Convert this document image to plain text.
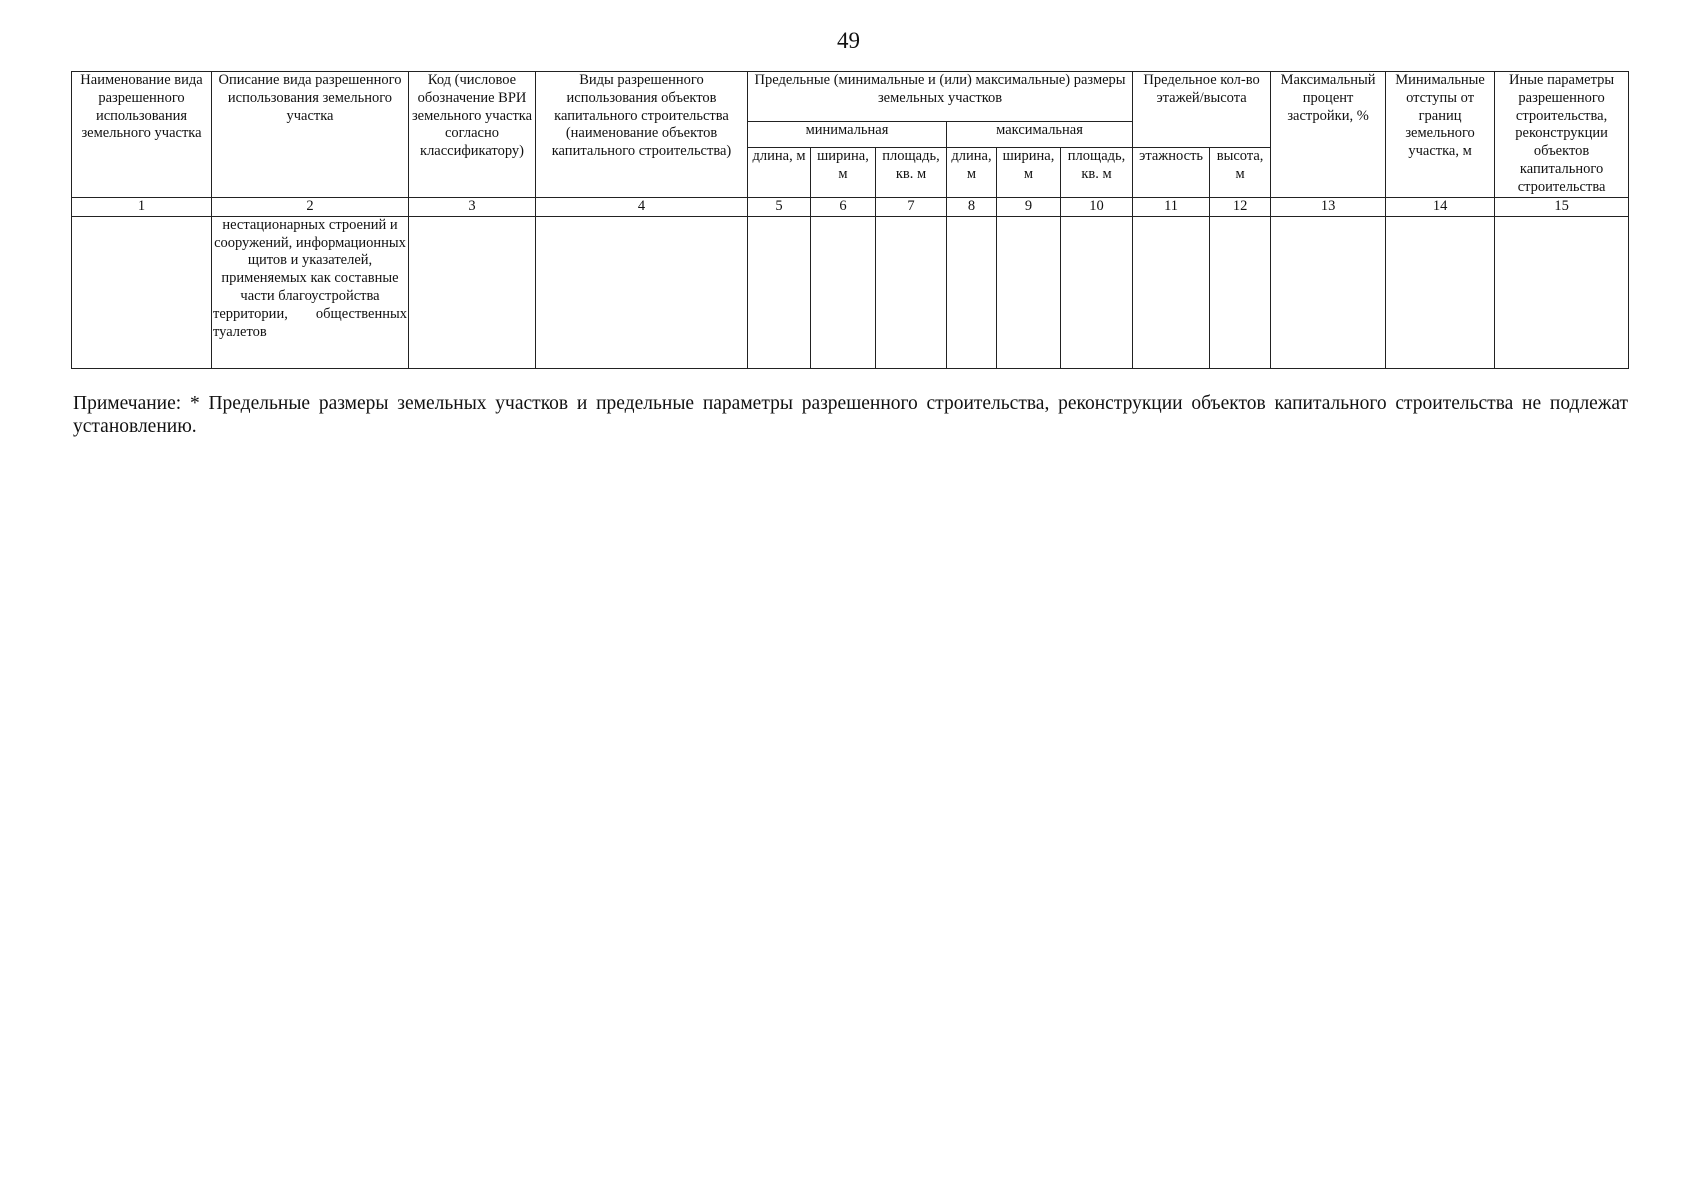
49
Наименование вида разрешенного использования земельного участка	Описание вида разрешенного использования земельного участка	Код (числовое обозначение ВРИ земельного участка согласно классификатору)	Виды разрешенного использования объектов капитального строительства (наименование объектов капитального строительства)	Предельные (минимальные и (или) максимальные) размеры земельных участков						Предельное кол-во этажей/высота		Максимальный процент застройки, %	Минимальные отступы от границ земельного участка, м	Иные параметры разрешенного строительства, реконструкции объектов капитального строительства
				минимальная			максимальная							
				длина, м	ширина, м	площадь, кв. м	длина, м	ширина, м	площадь, кв. м	этажность	высота, м			
1	2	3	4	5	6	7	8	9	10	11	12	13	14	15
	нестационарных строений и сооружений, информационных щитов и указателей, применяемых как составные части благоустройства территории, общественных
туалетов													

Примечание: * Предельные размеры земельных участков и предельные параметры разрешенного строительства, реконструкции объектов капитального строительства не подлежат установлению.
